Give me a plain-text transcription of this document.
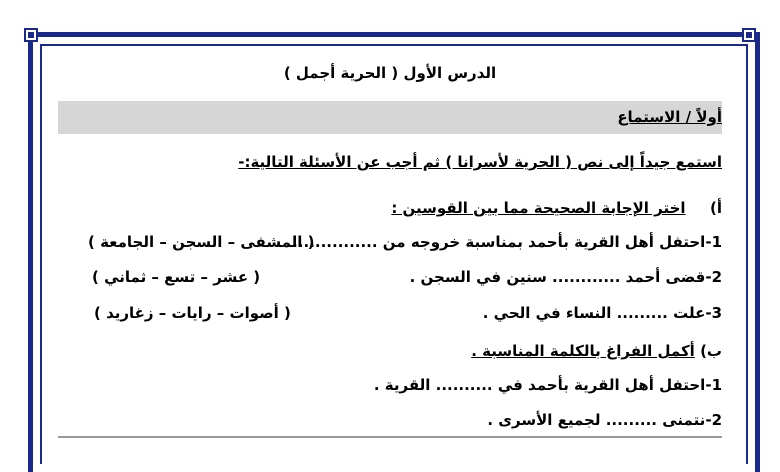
الدرس الأول ( الحرية أجمل )
أولاً / الاستماع
استمع جيداً إلى نص ( الحرية لأسرانا ) ثم أجب عن الأسئلة التالية:-
أ)  اختر الإجابة الصحيحة مما بين القوسين :
1-احتفل أهل القرية بأحمد بمناسبة خروجه من ...............
( المشفى – السجن – الجامعة )
2-قضى أحمد ............ سنين في السجن .
( عشر – تسع – ثماني )
3-علت ......... النساء في الحي .
( أصوات – رايات – زغاريد )
ب) أكمل الفراغ بالكلمة المناسبة .
1-احتفل أهل القرية بأحمد في .......... القرية .
2-نتمنى ......... لجميع الأسرى .
